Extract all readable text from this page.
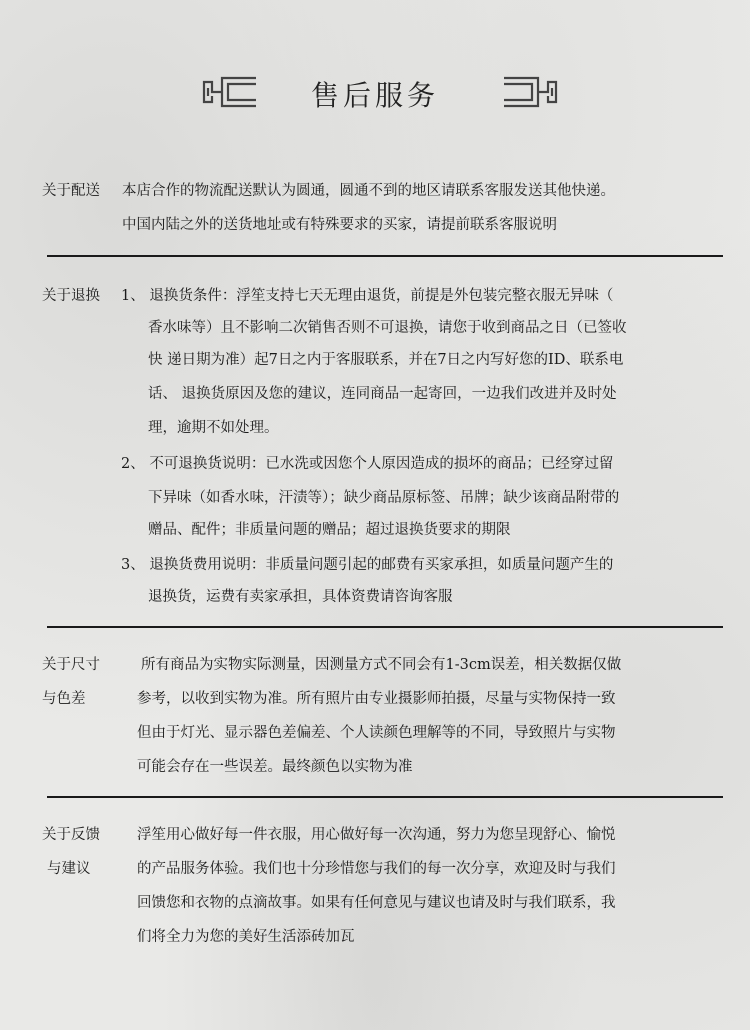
售后服务
关于配送 本店合作的物流配送默认为圆通，圆通不到的地区请联系客服发送其他快递。
中国内陆之外的送货地址或有特殊要求的买家，请提前联系客服说明
关于退换 1、 退换货条件：浮笙支持七天无理由退货，前提是外包装完整衣服无异味（
香水味等）且不影响二次销售否则不可退换，请您于收到商品之日（已签收
快 递日期为准）起7日之内于客服联系，并在7日之内写好您的ID、联系电
话、 退换货原因及您的建议，连同商品一起寄回，一边我们改进并及时处
理，逾期不如处理。
2、 不可退换货说明：已水洗或因您个人原因造成的损坏的商品；已经穿过留
下异味（如香水味，汗渍等）；缺少商品原标签、吊牌；缺少该商品附带的
赠品、配件；非质量问题的赠品；超过退换货要求的期限
3、 退换货费用说明：非质量问题引起的邮费有买家承担，如质量问题产生的
退换货，运费有卖家承担，具体资费请咨询客服
关于尺寸
与色差
所有商品为实物实际测量，因测量方式不同会有1-3cm误差，相关数据仅做
参考，以收到实物为准。所有照片由专业摄影师拍摄，尽量与实物保持一致
但由于灯光、显示器色差偏差、个人读颜色理解等的不同，导致照片与实物
可能会存在一些误差。最终颜色以实物为准
关于反馈
与建议
浮笙用心做好每一件衣服，用心做好每一次沟通，努力为您呈现舒心、愉悦
的产品服务体验。我们也十分珍惜您与我们的每一次分享，欢迎及时与我们
回馈您和衣物的点滴故事。如果有任何意见与建议也请及时与我们联系，我
们将全力为您的美好生活添砖加瓦
